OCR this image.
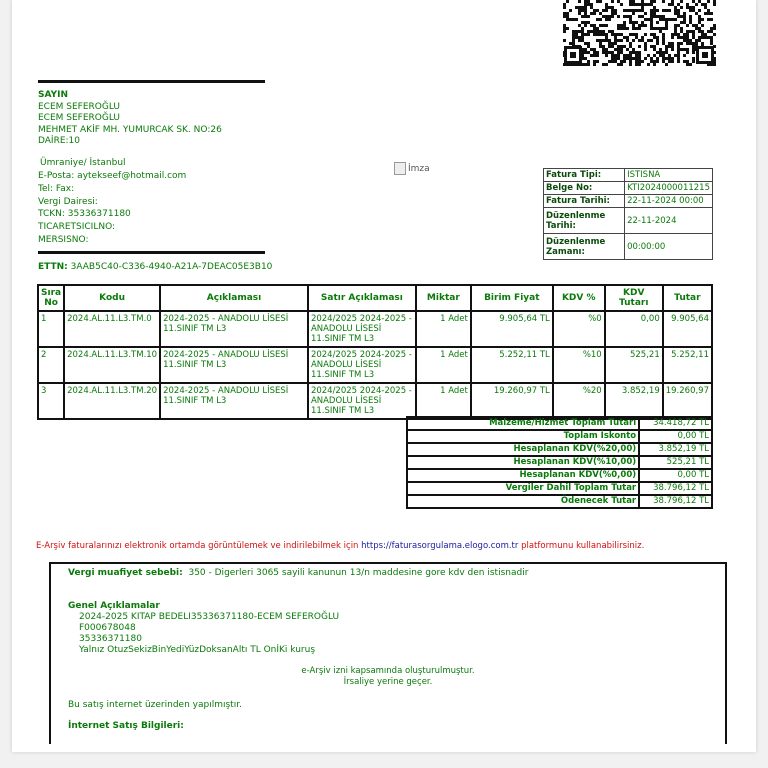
SAYIN
ECEM SEFEROĞLU
ECEM SEFEROĞLU
MEHMET AKİF MH. YUMURCAK SK. NO:26
DAİRE:10
Ümraniye/ İstanbul
E-Posta: aytekseef@hotmail.com
Tel: Fax:
Vergi Dairesi:
TCKN: 35336371180
TICARETSICILNO:
MERSISNO:
ETTN: 3AAB5C40-C336-4940-A21A-7DEAC05E3B10
İmza
Fatura Tipi:	ISTISNA
Belge No:	KTI2024000011215
Fatura Tarihi:	22-11-2024 00:00
Düzenlenme Tarihi:	22-11-2024
Düzenlenme Zamanı:	00:00:00
Sıra No	Kodu	Açıklaması	Satır Açıklaması	Miktar	Birim Fiyat	KDV %	KDV Tutarı	Tutar
1	2024.AL.11.L3.TM.0	2024-2025 - ANADOLU LİSESİ 11.SINIF TM L3	2024/2025 2024-2025 - ANADOLU LİSESİ 11.SINIF TM L3	1 Adet	9.905,64 TL	%0	0,00	9.905,64
2	2024.AL.11.L3.TM.10	2024-2025 - ANADOLU LİSESİ 11.SINIF TM L3	2024/2025 2024-2025 - ANADOLU LİSESİ 11.SINIF TM L3	1 Adet	5.252,11 TL	%10	525,21	5.252,11
3	2024.AL.11.L3.TM.20	2024-2025 - ANADOLU LİSESİ 11.SINIF TM L3	2024/2025 2024-2025 - ANADOLU LİSESİ 11.SINIF TM L3	1 Adet	19.260,97 TL	%20	3.852,19	19.260,97
Malzeme/Hizmet Toplam Tutarı	34.418,72 TL
Toplam İskonto	0,00 TL
Hesaplanan KDV(%20,00)	3.852,19 TL
Hesaplanan KDV(%10,00)	525,21 TL
Hesaplanan KDV(%0,00)	0,00 TL
Vergiler Dahil Toplam Tutar	38.796,12 TL
Ödenecek Tutar	38.796,12 TL
E-Arşiv faturalarınızı elektronik ortamda görüntülemek ve indirilebilmek için https://faturasorgulama.elogo.com.tr platformunu kullanabilirsiniz.
Vergi muafiyet sebebi: 350 - Digerleri 3065 sayili kanunun 13/n maddesine gore kdv den istisnadir
Genel Açıklamalar
2024-2025 KITAP BEDELI35336371180-ECEM SEFEROĞLU
F000678048
35336371180
Yalnız OtuzSekizBinYediYüzDoksanAltı TL OnİKi kuruş
e-Arşiv izni kapsamında oluşturulmuştur.
İrsaliye yerine geçer.
Bu satış internet üzerinden yapılmıştır.
İnternet Satış Bilgileri:
